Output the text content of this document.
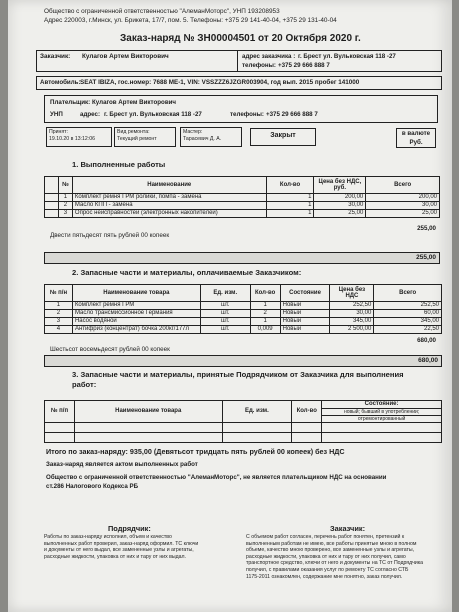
Общество с ограниченной ответственностью "АлеманМоторс", УНП 193208953
Адрес 220003, г.Минск, ул. Брикета, 17/7, пом. 5. Телефоны: +375 29 141-40-04, +375 29 131-40-04
Заказ-наряд № ЗН00004501 от 20 Октября 2020 г.
Заказчик: Кулагов Артем Викторович	адрес заказчика : г. Брест ул. Вульковская 118 -27
телефоны: +375 29 666 888 7
Автомобиль: SEAT IBIZA, гос.номер: 7688 МЕ-1, VIN: VSSZZZ6JZGR003904, год вып. 2015 пробег 141000
Плательщик: Кулагов Артем Викторович
УНП	адрес: г. Брест ул. Вульковская 118 -27	телефоны: +375 29 666 888 7
Принят:
19.10.20 в 13:12:06
Вид ремонта:
Текущий ремонт
Мастер:
Тарасевич Д. А.	Закрыт	в валюте
Руб.
1. Выполненные работы
	№	Наименование	Кол-во	Цена без НДС, руб.	Всего
	1	Комплект ремня ГРМ ролики, помпа - замена	1	200,00	200,00
	2	Масло КПП - замена	1	30,00	30,00
	3	Опрос неисправностей (электронных накопителей)	1	25,00	25,00
255,00
Двести пятьдесят пять рублей 00 копеек
255,00
2. Запасные части и материалы, оплачиваемые Заказчиком:
№ п/н	Наименование товара	Ед. изм.	Кол-во	Состояние	Цена без НДС	Всего
1	Комплект ремня ГРМ	шт.	1	Новый	252,50	252,50
2	Масло трансмиссионное Германия	шт.	2	Новый	30,00	60,00
3	Насос водяной	шт.	1	Новый	345,00	345,00
4	Антифриз (концентрат) бочка 200кг/177л	шт.	0,009	Новый	2 500,00	22,50
680,00
Шестьсот восемьдесят рублей 00 копеек
680,00
3. Запасные части и материалы, принятые Подрядчиком от Заказчика для выполнения
работ:
№ п/п	Наименование товара	Ед. изм.	Кол-во	Состояние:
новый; бывший в употреблении;
отремонтированный

Итого по заказ-наряду: 935,00 (Девятьсот тридцать пять рублей 00 копеек) без НДС
Заказ-наряд является актом выполненных работ
Общество с ограниченной ответственностью "АлеманМоторс", не является плательщиком НДС на основании
ст.286 Налогового Кодекса РБ
Подрядчик:	Заказчик:
Работы по заказ-наряду исполнил, объем и качество
выполненных работ проверил, заказ-наряд оформил. ТС ключи
и документы от него выдал, все замененные узлы и агрегаты,
расходные жидкости, упаковка от них и тару от них выдал.
С объемом работ согласен, перечень работ понятен, претензий к
выполненным работам не имею, все работы принятые мною в полном
объеме, качество мною проверено, все замененные узлы и агрегаты,
расходные жидкости, упаковка от них и тару от них получил, само
транспортное средство, ключи от него и документы на ТС от Подрядчика
получил, с правилами оказания услуг по ремонту ТС согласно СТБ
1175-2011 ознакомлен, содержание мне понятно, заказ получил.
